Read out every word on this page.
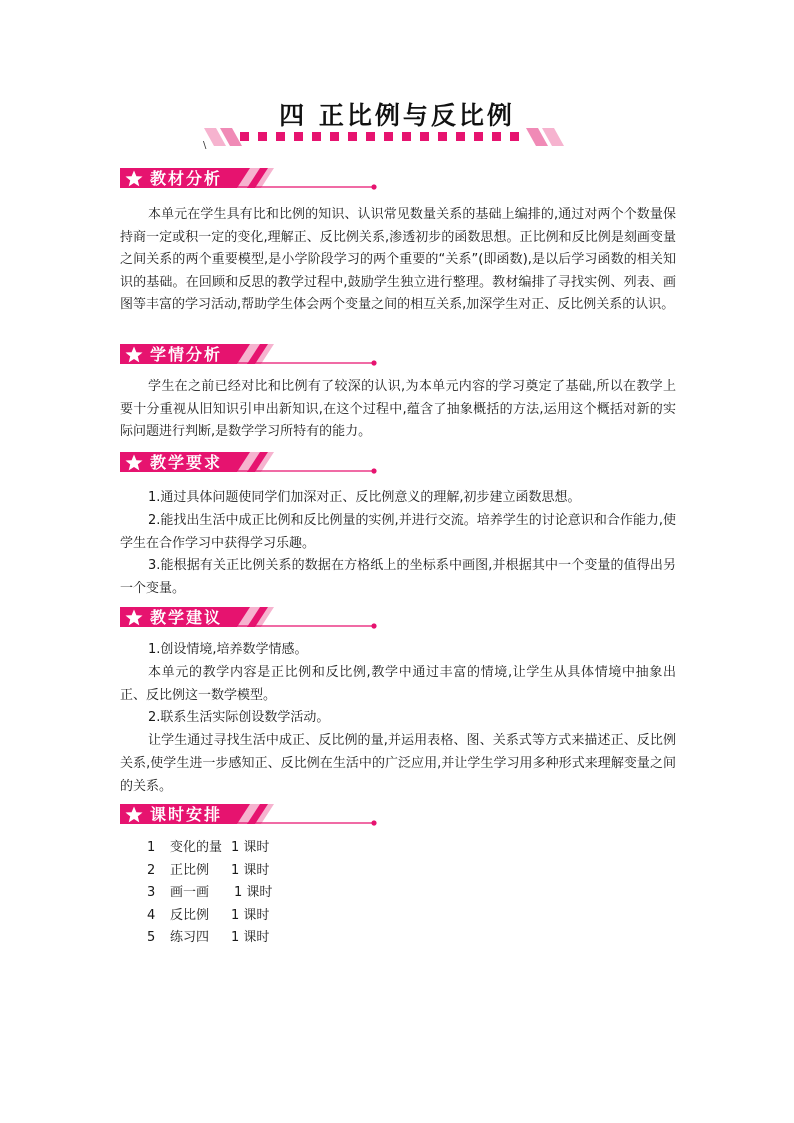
四 正比例与反比例
\
教材分析

本单元在学生具有比和比例的知识、认识常见数量关系的基础上编排的,通过对两个个数量保持商一定或积一定的变化,理解正、反比例关系,渗透初步的函数思想。正比例和反比例是刻画变量之间关系的两个重要模型,是小学阶段学习的两个重要的“关系”(即函数),是以后学习函数的相关知识的基础。在回顾和反思的教学过程中,鼓励学生独立进行整理。教材编排了寻找实例、列表、画图等丰富的学习活动,帮助学生体会两个变量之间的相互关系,加深学生对正、反比例关系的认识。

学情分析

学生在之前已经对比和比例有了较深的认识,为本单元内容的学习奠定了基础,所以在教学上要十分重视从旧知识引申出新知识,在这个过程中,蕴含了抽象概括的方法,运用这个概括对新的实际问题进行判断,是数学学习所特有的能力。

教学要求

1.通过具体问题使同学们加深对正、反比例意义的理解,初步建立函数思想。

2.能找出生活中成正比例和反比例量的实例,并进行交流。培养学生的讨论意识和合作能力,使学生在合作学习中获得学习乐趣。

3.能根据有关正比例关系的数据在方格纸上的坐标系中画图,并根据其中一个变量的值得出另一个变量。

教学建议

1.创设情境,培养数学情感。

本单元的教学内容是正比例和反比例,教学中通过丰富的情境,让学生从具体情境中抽象出正、反比例这一数学模型。

2.联系生活实际创设数学活动。

让学生通过寻找生活中成正、反比例的量,并运用表格、图、关系式等方式来描述正、反比例关系,使学生进一步感知正、反比例在生活中的广泛应用,并让学生学习用多种形式来理解变量之间的关系。

课时安排
1	变化的量 1 课时
2	正比例 1 课时
3	画一画 1 课时
4	反比例 1 课时
5	练习四 1 课时
